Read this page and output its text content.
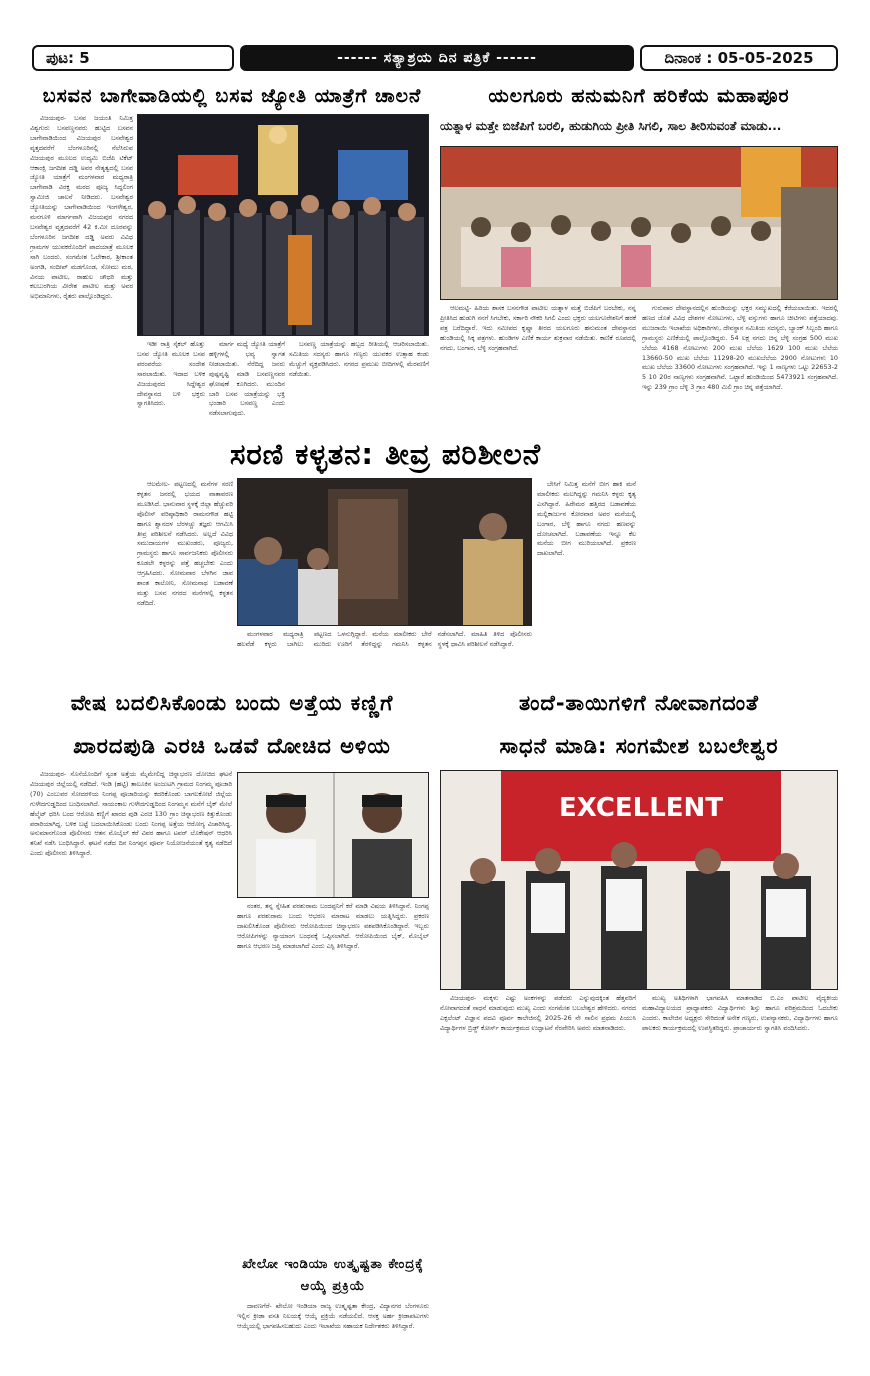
ಪುಟ: 5	------ ಸತ್ಯಾಶ್ರಯ ದಿನ ಪತ್ರಿಕೆ ------	ದಿನಾಂಕ : 05-05-2025
ಬಸವನ ಬಾಗೇವಾಡಿಯಲ್ಲಿ ಬಸವ ಜ್ಯೋತಿ ಯಾತ್ರೆಗೆ ಚಾಲನೆ

ವಿಜಯಪುರ- ಬಸವ ಜಯಂತಿ ನಿಮಿತ್ತ ವಿಶ್ವಗುರು ಬಸವಣ್ಣನವರು ಹುಟ್ಟಿದ ಬಸವನ ಬಾಗೇವಾಡಿಯಿಂದ ವಿಜಯಪುರ ಬಸವೇಶ್ವರ ವೃತ್ತದವರೆಗೆ ಬೆಂಗಳೂರಿನಲ್ಲಿ ನೆಲೆಸಿರುವ ವಿಜಯಪುರ ಮೂಲದ ಉದ್ಯಮಿ ಬಿಜೆಪಿ ಟಿಕೆಟ್ ಆಕಾಂಕ್ಷಿ ಜಗದೀಶ ದಡ್ಡಿ ಅವರ ನೇತೃತ್ವದಲ್ಲಿ ಬಸವ ಜ್ಯೋತಿ ಯಾತ್ರೆಗೆ ಮಂಗಳವಾರ ಮಧ್ಯರಾತ್ರಿ ಬಾಗೇವಾಡಿ ವಿರಕ್ತ ಮಠದ ಪೂಜ್ಯ ಸಿದ್ದಲಿಂಗ ಸ್ವಾಮೀಜಿ ಚಾಲನೆ ನೀಡಿದರು. ಬಸವೇಶ್ವರ ಜ್ಯೋತಿಯನ್ನು ಬಾಗೇವಾಡಿಯಿಂದ ಇಂಗಳೇಶ್ವರ, ಮನಗೂಳಿ ಮಾರ್ಗವಾಗಿ ವಿಜಯಪುರ ನಗರದ ಬಸವೇಶ್ವರ ವೃತ್ತದವರೆಗೆ 42 ಕಿ.ಮೀ ದೂರವನ್ನು ಬೆಂಗಳೂರಿನ ಜಗದೀಶ ದಡ್ಡಿ ಅವರು ವಿವಿಧ ಗ್ರಾಮಗಳ ಯುವಕರೊಂದಿಗೆ ಪಾದಯಾತ್ರೆ ಮೂಲಕ ಸಾಗಿ ಬಂದರು. ಸಂಗಮೇಶ ಓಲೇಕಾರ, ಶ್ರೀಕಾಂತ ಅಂಗಡಿ, ಸಂದೀಪ್ ಮಡಗೊಂಡ, ಸೋಮು ಮಠ, ವಿನಯ ಪಾಟೀಲ, ರಾಹುಲ ಚೌಧರಿ ಮತ್ತು ಕಲಬುರಗಿಯ ವೀರೇಶ ಪಾಟೀಲ ಮತ್ತು ಅವರ ಅಭಿಮಾನಿಗಳು, ರೈತರು ಪಾಲ್ಗೊಂಡಿದ್ದರು.

ಇಡೀ ರಾತ್ರಿ ಸೈಕಲ್ ಹೊತ್ತು ಬಸವ ಜ್ಯೋತಿ ಮೂಲಕ ಬಸವ ಪರಂಪರೆಯ ಸಂದೇಶ ಸಾರಲಾಯಿತು. ಇದಾದ ಬಳಿಕ ವಿಜಯಪುರದ ಸಿದ್ದೇಶ್ವರ ದೇವಸ್ಥಾನದ ಬಳಿ ಭಕ್ತರು ಸ್ವಾಗತಿಸಿದರು.

ಮಾರ್ಗ ಮಧ್ಯೆ ಜ್ಯೋತಿ ಯಾತ್ರೆಗೆ ಹಳ್ಳಿಗಳಲ್ಲಿ ಭವ್ಯ ಸ್ವಾಗತ ನೀಡಲಾಯಿತು. ನೆರೆದಿದ್ದ ಜನರು ಪುಷ್ಪವೃಷ್ಟಿ ಮಾಡಿ ಬಸವಣ್ಣನವರ ಘೋಷಣೆ ಕೂಗಿದರು. ಮುಂದಿನ ಬಾರಿ ಬಸವ ಯಾತ್ರೆಯನ್ನು ಭಕ್ತಿ ಭಂಡಾರಿ ಬಸವಣ್ಣ ಎಂದು ನಡೆಸಲಾಗುವುದು.

ಬಸವಣ್ಣ ಯಾತ್ರೆಯನ್ನು ಹಬ್ಬದ ರೀತಿಯಲ್ಲಿ ಆಚರಿಸಲಾಯಿತು. ಸಮಿತಿಯ ಸದಸ್ಯರು ಹಾಗೂ ಗಣ್ಯರು ಯುವಕರ ಉತ್ಸಾಹ ಕಂಡು ಮೆಚ್ಚುಗೆ ವ್ಯಕ್ತಪಡಿಸಿದರು. ನಗರದ ಪ್ರಮುಖ ಬೀದಿಗಳಲ್ಲಿ ಮೆರವಣಿಗೆ ನಡೆಯಿತು.

ಯಲಗೂರು ಹನುಮನಿಗೆ ಹರಿಕೆಯ ಮಹಾಪೂರ
ಯತ್ನಾಳ ಮತ್ತೇ ಬಿಜೆಪಿಗೆ ಬರಲಿ, ಹುಡುಗಿಯ ಪ್ರೀತಿ ಸಿಗಲಿ, ಸಾಲ ತೀರಿಸುವಂತೆ ಮಾಡು...

ಆಲಮಟ್ಟಿ- ಹಿರಿಯ ಶಾಸಕ ಬಸನಗೌಡ ಪಾಟೀಲ ಯತ್ನಾಳ ಮತ್ತೆ ಬಿಜೆಪಿಗೆ ಬರಬೇಕು, ನನ್ನ ಪ್ರೀತಿಸಿದ ಹುಡುಗಿ ನನಗೆ ಸಿಗಬೇಕು, ಸರ್ಕಾರಿ ನೌಕರಿ ಸಿಗಲಿ ಎಂದು ಭಕ್ತರು ಯಲಗೂರೇಶನಿಗೆ ಹರಕೆ ಪತ್ರ ಬರೆದಿದ್ದಾರೆ. ಇದು ಸಮೀಪದ ಕೃಷ್ಣಾ ತೀರದ ಯಲಗೂರು ಹನುಮಂತ ದೇವಸ್ಥಾನದ ಹುಂಡಿಯಲ್ಲಿ ಸಿಕ್ಕ ಪತ್ರಗಳು. ಹುಂಡಿಗಳ ಎಣಿಕೆ ಕಾರ್ಯ ಶುಕ್ರವಾರ ನಡೆಯಿತು. ಕಾಣಿಕೆ ರೂಪದಲ್ಲಿ ನಗದು, ಬಂಗಾರ, ಬೆಳ್ಳಿ ಸಂಗ್ರಹವಾಗಿದೆ.

ಗುರುವಾರ ದೇವಸ್ಥಾನದಲ್ಲಿನ ಹುಂಡಿಯನ್ನು ಭಕ್ತರ ಸಮ್ಮುಖದಲ್ಲಿ ಕೆರೆಯಲಾಯಿತು. ಇದರಲ್ಲಿ ಹಣದ ಜೊತೆ ವಿವಿಧ ದೇಶಗಳ ನೋಟುಗಳು, ಬೆಳ್ಳಿ ವಸ್ತುಗಳು ಹಾಗೂ ಚೀಟಿಗಳು ಪತ್ತೆಯಾದವು. ಮುಜರಾಯಿ ಇಲಾಖೆಯ ಅಧಿಕಾರಿಗಳು, ದೇವಸ್ಥಾನ ಸಮಿತಿಯ ಸದಸ್ಯರು, ಬ್ಯಾಂಕ್ ಸಿಬ್ಬಂದಿ ಹಾಗೂ ಗ್ರಾಮಸ್ಥರು ಎಣಿಕೆಯಲ್ಲಿ ಪಾಲ್ಗೊಂಡಿದ್ದರು. 54 ಲಕ್ಷ ನಗದು ಚಿನ್ನ ಬೆಳ್ಳಿ ಸಂಗ್ರಹ 500 ಮುಖ ಬೆಲೆಯ 4168 ನೋಟುಗಳು 200 ಮುಖ ಬೆಲೆಯ 1629 100 ಮುಖ ಬೆಲೆಯ 13660-50 ಮುಖ ಬೆಲೆಯ 11298-20 ಮುಖಬೆಲೆಯ 2900 ನೋಟುಗಳು 10 ಮುಖ ಬೆಲೆಯ 33600 ನೋಟುಗಳು ಸಂಗ್ರಹವಾಗಿದೆ. ಇನ್ನು 1 ನಾಣ್ಯಗಳು ಒಟ್ಟು 22653-2 5 10 20ರ ನಾಣ್ಯಗಳು ಸಂಗ್ರಹವಾಗಿವೆ. ಒಟ್ಟಾರೆ ಹುಂಡಿಯಿಂದ 5473921 ಸಂಗ್ರಹವಾಗಿದೆ. ಇನ್ನು 239 ಗ್ರಾಂ ಬೆಳ್ಳಿ 3 ಗ್ರಾಂ 480 ಮಿಲಿ ಗ್ರಾಂ ಚಿನ್ನ ಪತ್ತೆಯಾಗಿದೆ.

ಸರಣಿ ಕಳ್ಳತನ: ತೀವ್ರ ಪರಿಶೀಲನೆ

ಆಲಮೇಲ- ಪಟ್ಟಣದಲ್ಲಿ ಮನೆಗಳ ಸರಣಿ ಕಳ್ಳತನ ಜನರಲ್ಲಿ ಭಯದ ವಾತಾವರಣ ಮೂಡಿಸಿದೆ. ಭಾನುವಾರ ಸ್ಥಳಕ್ಕೆ ಜಿಲ್ಲಾ ಹೆಚ್ಚುವರಿ ಪೊಲೀಸ್ ವರಿಷ್ಠಾಧಿಕಾರಿ ರಾಮನಗೌಡ ಹಟ್ಟಿ ಹಾಗೂ ಶ್ವಾನದಳ ಬೆರಳಚ್ಚು ತಜ್ಞರು ಆಗಮಿಸಿ ತೀವ್ರ ಪರಿಶೀಲನೆ ನಡೆಸಿದರು. ಅಲ್ಲದೆ ವಿವಿಧ ಸಮುದಾಯಗಳ ಮುಖಂಡರು, ಪೂಜ್ಯರು, ಗ್ರಾಮಸ್ಥರು ಹಾಗೂ ಸಾರ್ವಜನಿಕರು ಪೊಲೀಸರು ಕೂಡಲೇ ಕಳ್ಳರನ್ನು ಪತ್ತೆ ಹಚ್ಚಬೇಕು ಎಂದು ಆಗ್ರಹಿಸಿದರು. ಸೋಮವಾರ ಬೆಳಗಿನ ಜಾವ ಶಾಂತ ಕಾಲೋನಿ, ಸೋಮನಾಥ ಬಡಾವಣೆ ಮತ್ತು ಬಸವ ನಗರದ ಮನೆಗಳಲ್ಲಿ ಕಳ್ಳತನ ನಡೆದಿದೆ.

ಮಂಗಳವಾರ ಮಧ್ಯರಾತ್ರಿ ಪಟ್ಟಣದ ಹಲವೆಡೆ ಕಳ್ಳರು ಬಾಗಿಲು ಮುರಿದು ಒಳನುಗ್ಗಿದ್ದಾರೆ. ಮನೆಯ ಮಾಲೀಕರು ಬೇರೆ ಊರಿಗೆ ತೆರಳಿದ್ದನ್ನು ಗಮನಿಸಿ ಕಳ್ಳತನ ನಡೆಸಲಾಗಿದೆ. ಮಾಹಿತಿ ತಿಳಿದ ಪೊಲೀಸರು ಸ್ಥಳಕ್ಕೆ ಧಾವಿಸಿ ಪರಿಶೀಲನೆ ನಡೆಸಿದ್ದಾರೆ.

ಬೇಸಿಗೆ ನಿಮಿತ್ತ ಮನೆಗೆ ಬೀಗ ಹಾಕಿ ಮನೆ ಮಾಲೀಕರು ಮಲಗಿದ್ದನ್ನು ಗಮನಿಸಿ ಕಳ್ಳರು ಕೃತ್ಯ ಎಸಗಿದ್ದಾರೆ. ಹಿರೇಮಠ ಹತ್ತಿರದ ಬಡಾವಣೆಯ ಮಲ್ಲಿಕಾರ್ಜುನ ಕೋರವಾರ ಅವರ ಮನೆಯಲ್ಲಿ ಬಂಗಾರ, ಬೆಳ್ಳಿ ಹಾಗೂ ನಗದು ಹಣವನ್ನು ದೋಚಲಾಗಿದೆ. ಬಡಾವಣೆಯ ಇನ್ನೂ ಕೆಲ ಮನೆಯ ಬೀಗ ಮುರಿಯಲಾಗಿದೆ. ಪ್ರಕರಣ ದಾಖಲಾಗಿದೆ.

ವೇಷ ಬದಲಿಸಿಕೊಂಡು ಬಂದು ಅತ್ತೆಯ ಕಣ್ಣಿಗೆ
ಖಾರದಪುಡಿ ಎರಚಿ ಒಡವೆ ದೋಚಿದ ಅಳಿಯ

ವಿಜಯಪುರ- ಸೊಸೆಯೊಂದಿಗೆ ಸ್ವಂತ ಅತ್ತೆಯ ಮೈಮೇಲಿದ್ದ ಚಿನ್ನಾಭರಣ ದೋಚಿದ ಘಟನೆ ವಿಜಯಪುರ ಜಿಲ್ಲೆಯಲ್ಲಿ ನಡೆದಿದೆ. ಇಂಡಿ (ಹಟ್ಟಿ) ತಾಲೂಕಿನ ಅಂಜುಟಗಿ ಗ್ರಾಮದ ನಿಂಗಮ್ಮ ಪೂಜಾರಿ (70) ಎಂಬುವರ ಸೋದರಳಿಯ ನಿಂಗಪ್ಪ ಪೂಜಾರಿಯನ್ನು ಕದರಿಕೊಂಡು ಬಾಗಲಕೋಟೆ ಜಿಲ್ಲೆಯ ಗುಳೇದಗುಡ್ಡದಿಂದ ಬಂಧಿಸಲಾಗಿದೆ. ಸಾಯಂಕಾಲ ಗುಳೇದಗುಡ್ಡದಿಂದ ನಿಂಗಮ್ಮನ ಮನೆಗೆ ಬೈಕ್ ಮೇಲೆ ಹೆಲ್ಮೆಟ್ ಧರಿಸಿ ಬಂದ ಆರೋಪಿ ಕಣ್ಣಿಗೆ ಖಾರದ ಪುಡಿ ಎರಚಿ 130 ಗ್ರಾಂ ಚಿನ್ನಾಭರಣ ಕಿತ್ತುಕೊಂಡು ಪರಾರಿಯಾಗಿದ್ದ. ಬಳಿಕ ಬಟ್ಟೆ ಬದಲಾಯಿಸಿಕೊಂಡು ಬಂದು ನಿಂಗಪ್ಪ ಅತ್ತೆಯ ಆರೋಗ್ಯ ವಿಚಾರಿಸಿದ್ದ. ಅನುಮಾನಗೊಂಡ ಪೊಲೀಸರು ಆತನ ಮೊಬೈಲ್ ಕರೆ ವಿವರ ಹಾಗೂ ಟವರ್ ಲೊಕೇಷನ್ ಆಧರಿಸಿ ತನಿಖೆ ನಡೆಸಿ ಬಂಧಿಸಿದ್ದಾರೆ. ಘಟನೆ ನಡೆದ ದಿನ ನಿಂಗಪ್ಪನ ಪೂರ್ವ ನಿಯೋಜನೆಯಂತೆ ಕೃತ್ಯ ನಡೆದಿದೆ ಎಂದು ಪೊಲೀಸರು ತಿಳಿಸಿದ್ದಾರೆ.

ನಂತರ, ತನ್ನ ಸ್ನೇಹಿತ ಪರಶುರಾಮ ಬಂದಪ್ಪನಿಗೆ ಕರೆ ಮಾಡಿ ವಿಷಯ ತಿಳಿಸಿದ್ದಾನೆ. ನಿಂಗಪ್ಪ ಹಾಗೂ ಪರಶುರಾಮ ಬಂದು ಆಭರಣ ಮಾರಾಟ ಮಾಡಲು ಯತ್ನಿಸಿದ್ದರು. ಪ್ರಕರಣ ದಾಖಲಿಸಿಕೊಂಡ ಪೊಲೀಸರು ಆರೋಪಿಯಿಂದ ಚಿನ್ನಾಭರಣ ವಶಪಡಿಸಿಕೊಂಡಿದ್ದಾರೆ. ಇಬ್ಬರು ಆರೋಪಿಗಳನ್ನು ನ್ಯಾಯಾಂಗ ಬಂಧನಕ್ಕೆ ಒಪ್ಪಿಸಲಾಗಿದೆ. ಆರೋಪಿಯಿಂದ ಬೈಕ್, ಮೊಬೈಲ್ ಹಾಗೂ ಆಭರಣ ಜಪ್ತಿ ಮಾಡಲಾಗಿದೆ ಎಂದು ಎಸ್ಪಿ ತಿಳಿಸಿದ್ದಾರೆ.

ಖೇಲೋ ಇಂಡಿಯಾ ಉತ್ಕೃಷ್ಟತಾ ಕೇಂದ್ರಕ್ಕೆ ಆಯ್ಕೆ ಪ್ರಕ್ರಿಯೆ

ದಾವಣಗೆರೆ- ಖೇಲೋ ಇಂಡಿಯಾ ರಾಜ್ಯ ಉತ್ಕೃಷ್ಟತಾ ಕೇಂದ್ರ, ವಿದ್ಯಾನಗರ ಬೆಂಗಳೂರು ಇಲ್ಲಿನ ಕ್ರೀಡಾ ವಸತಿ ನಿಲಯಕ್ಕೆ ಆಯ್ಕೆ ಪ್ರಕ್ರಿಯೆ ನಡೆಯಲಿದೆ. ಆಸಕ್ತ ಅರ್ಹ ಕ್ರೀಡಾಪಟುಗಳು ಆಯ್ಕೆಯಲ್ಲಿ ಭಾಗವಹಿಸಬಹುದು ಎಂದು ಇಲಾಖೆಯ ಸಹಾಯಕ ನಿರ್ದೇಶಕರು ತಿಳಿಸಿದ್ದಾರೆ.

ತಂದೆ-ತಾಯಿಗಳಿಗೆ ನೋವಾಗದಂತೆ
ಸಾಧನೆ ಮಾಡಿ: ಸಂಗಮೇಶ ಬಬಲೇಶ್ವರ
EXCELLENT

ವಿಜಯಪುರ- ಮಕ್ಕಳು ಎಷ್ಟು ಅಂಕಗಳನ್ನು ಪಡೆದರು ಎನ್ನುವುದಕ್ಕಿಂತ ಹೆತ್ತವರಿಗೆ ನೋವಾಗದಂತೆ ಸಾಧನೆ ಮಾಡುವುದು ಮುಖ್ಯ ಎಂದು ಸಂಗಮೇಶ ಬಬಲೇಶ್ವರ ಹೇಳಿದರು. ನಗರದ ಎಕ್ಸಲೆಂಟ್ ವಿಜ್ಞಾನ ಪದವಿ ಪೂರ್ವ ಕಾಲೇಜಿನಲ್ಲಿ 2025-26 ನೇ ಸಾಲಿನ ಪ್ರಥಮ ಪಿಯುಸಿ ವಿದ್ಯಾರ್ಥಿಗಳ ಬ್ರಿಡ್ಜ್ ಕೋರ್ಸ್ ಕಾರ್ಯಕ್ರಮದ ಉದ್ಘಾಟನೆ ನೆರವೇರಿಸಿ ಅವರು ಮಾತನಾಡಿದರು.

ಮುಖ್ಯ ಅತಿಥಿಗಳಾಗಿ ಭಾಗವಹಿಸಿ ಮಾತನಾಡಿದ ಬಿ.ಎಂ ಪಾಟೀಲ ವೈದ್ಯಕೀಯ ಮಹಾವಿದ್ಯಾಲಯದ ಪ್ರಾಧ್ಯಾಪಕರು ವಿದ್ಯಾರ್ಥಿಗಳು ಶಿಸ್ತು ಹಾಗೂ ಪರಿಶ್ರಮದಿಂದ ಓದಬೇಕು ಎಂದರು. ಕಾಲೇಜಿನ ಅಧ್ಯಕ್ಷರು ಸೇರಿದಂತೆ ಅನೇಕ ಗಣ್ಯರು, ಉಪನ್ಯಾಸಕರು, ವಿದ್ಯಾರ್ಥಿಗಳು ಹಾಗೂ ಪಾಲಕರು ಕಾರ್ಯಕ್ರಮದಲ್ಲಿ ಉಪಸ್ಥಿತರಿದ್ದರು. ಪ್ರಾಚಾರ್ಯರು ಸ್ವಾಗತಿಸಿ ವಂದಿಸಿದರು.
